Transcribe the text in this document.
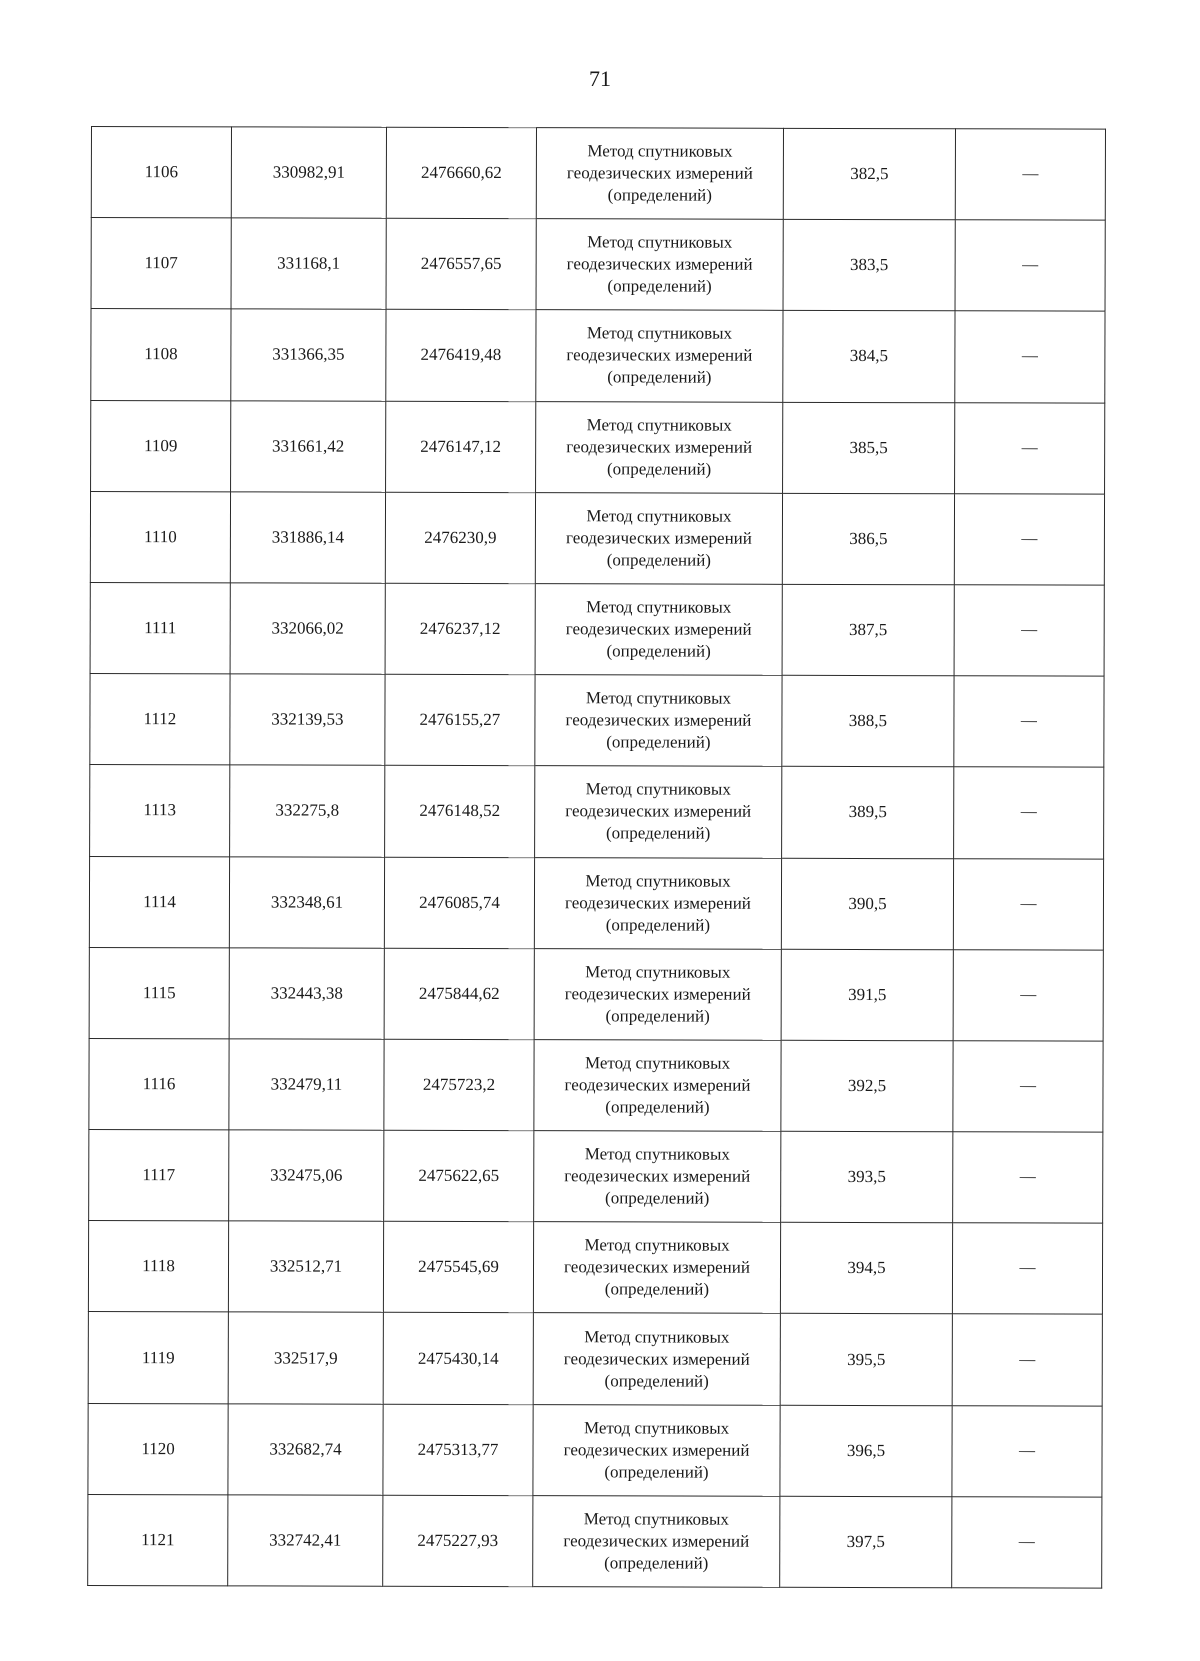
71
1106	330982,91	2476660,62	Метод спутниковых
геодезических измерений
(определений)	382,5	—
1107	331168,1	2476557,65	Метод спутниковых
геодезических измерений
(определений)	383,5	—
1108	331366,35	2476419,48	Метод спутниковых
геодезических измерений
(определений)	384,5	—
1109	331661,42	2476147,12	Метод спутниковых
геодезических измерений
(определений)	385,5	—
1110	331886,14	2476230,9	Метод спутниковых
геодезических измерений
(определений)	386,5	—
1111	332066,02	2476237,12	Метод спутниковых
геодезических измерений
(определений)	387,5	—
1112	332139,53	2476155,27	Метод спутниковых
геодезических измерений
(определений)	388,5	—
1113	332275,8	2476148,52	Метод спутниковых
геодезических измерений
(определений)	389,5	—
1114	332348,61	2476085,74	Метод спутниковых
геодезических измерений
(определений)	390,5	—
1115	332443,38	2475844,62	Метод спутниковых
геодезических измерений
(определений)	391,5	—
1116	332479,11	2475723,2	Метод спутниковых
геодезических измерений
(определений)	392,5	—
1117	332475,06	2475622,65	Метод спутниковых
геодезических измерений
(определений)	393,5	—
1118	332512,71	2475545,69	Метод спутниковых
геодезических измерений
(определений)	394,5	—
1119	332517,9	2475430,14	Метод спутниковых
геодезических измерений
(определений)	395,5	—
1120	332682,74	2475313,77	Метод спутниковых
геодезических измерений
(определений)	396,5	—
1121	332742,41	2475227,93	Метод спутниковых
геодезических измерений
(определений)	397,5	—
